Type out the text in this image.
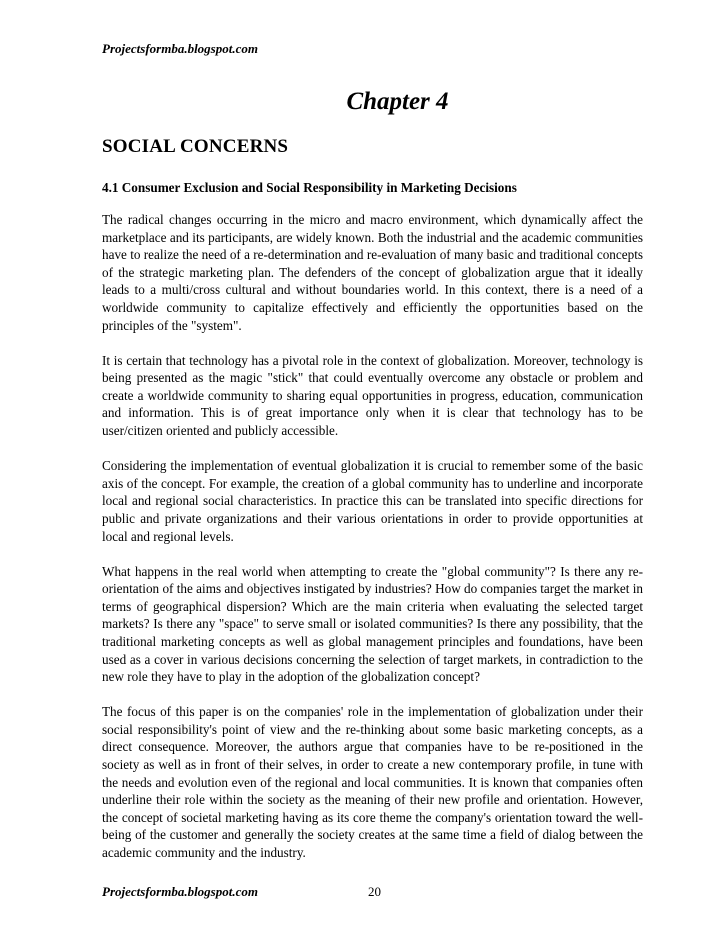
Projectsformba.blogspot.com
Chapter 4
SOCIAL CONCERNS
4.1 Consumer Exclusion and Social Responsibility in Marketing Decisions

The radical changes occurring in the micro and macro environment, which dynamically affect the marketplace and its participants, are widely known. Both the industrial and the academic communities have to realize the need of a re-determination and re-evaluation of many basic and traditional concepts of the strategic marketing plan. The defenders of the concept of globalization argue that it ideally leads to a multi/cross cultural and without boundaries world. In this context, there is a need of a worldwide community to capitalize effectively and efficiently the opportunities based on the principles of the "system".

It is certain that technology has a pivotal role in the context of globalization. Moreover, technology is being presented as the magic "stick" that could eventually overcome any obstacle or problem and create a worldwide community to sharing equal opportunities in progress, education, communication and information. This is of great importance only when it is clear that technology has to be user/citizen oriented and publicly accessible.

Considering the implementation of eventual globalization it is crucial to remember some of the basic axis of the concept. For example, the creation of a global community has to underline and incorporate local and regional social characteristics. In practice this can be translated into specific directions for public and private organizations and their various orientations in order to provide opportunities at local and regional levels.

What happens in the real world when attempting to create the "global community"? Is there any re-orientation of the aims and objectives instigated by industries? How do companies target the market in terms of geographical dispersion? Which are the main criteria when evaluating the selected target markets? Is there any "space" to serve small or isolated communities? Is there any possibility, that the traditional marketing concepts as well as global management principles and foundations, have been used as a cover in various decisions concerning the selection of target markets, in contradiction to the new role they have to play in the adoption of the globalization concept?

The focus of this paper is on the companies' role in the implementation of globalization under their social responsibility's point of view and the re-thinking about some basic marketing concepts, as a direct consequence. Moreover, the authors argue that companies have to be re-positioned in the society as well as in front of their selves, in order to create a new contemporary profile, in tune with the needs and evolution even of the regional and local communities. It is known that companies often underline their role within the society as the meaning of their new profile and orientation. However, the concept of societal marketing having as its core theme the company's orientation toward the well-being of the customer and generally the society creates at the same time a field of dialog between the academic community and the industry.

Projectsformba.blogspot.com	20
